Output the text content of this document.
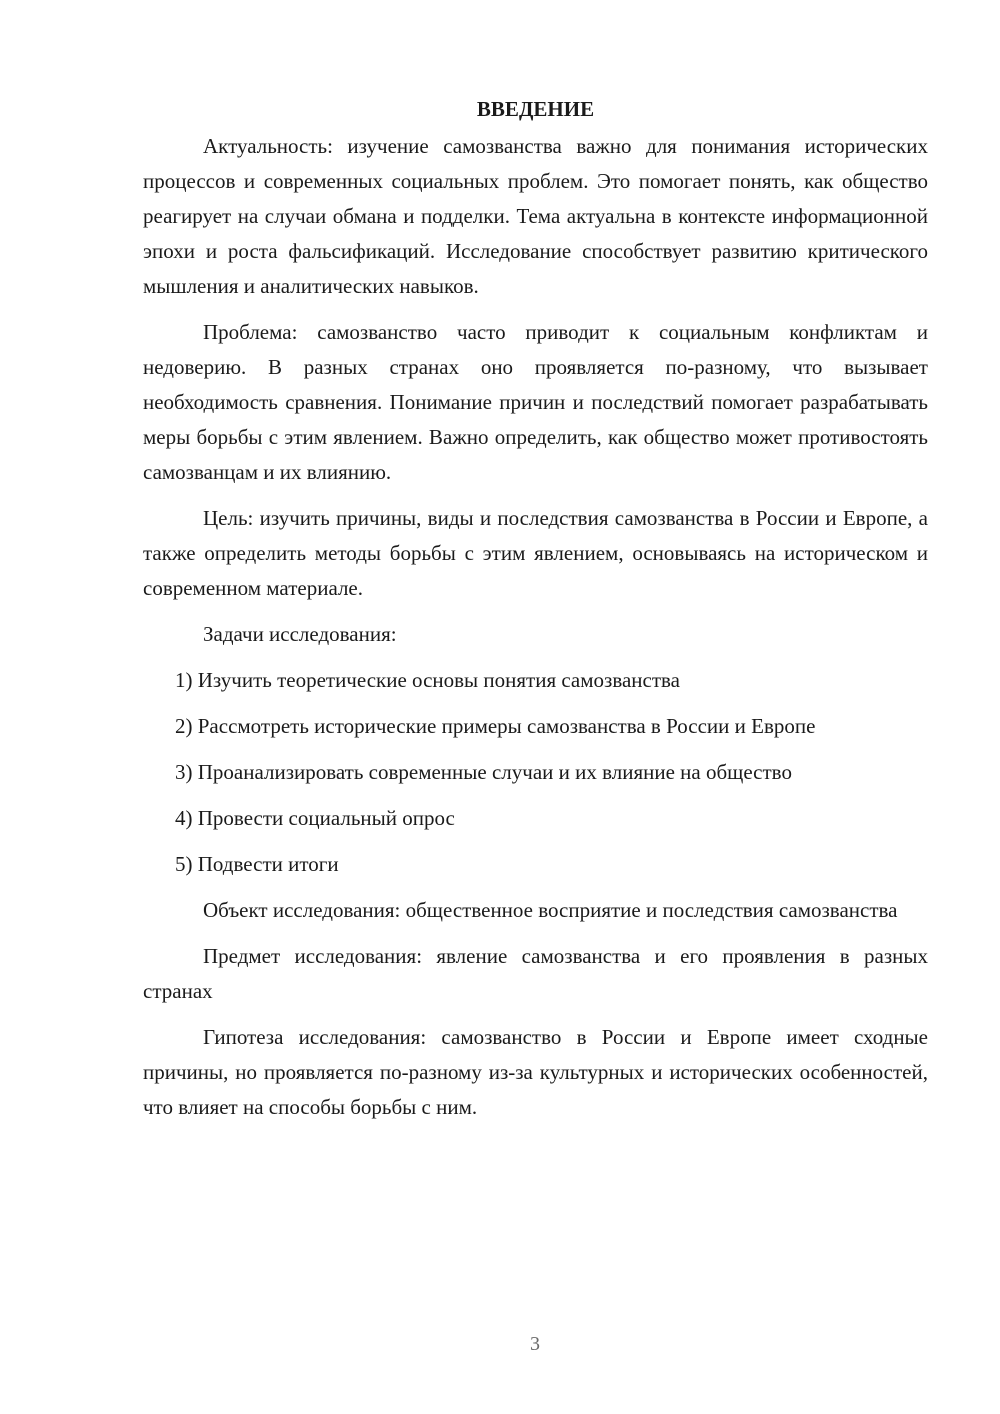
ВВЕДЕНИЕ

Актуальность: изучение самозванства важно для понимания исторических процессов и современных социальных проблем. Это помогает понять, как общество реагирует на случаи обмана и подделки. Тема актуальна в контексте информационной эпохи и роста фальсификаций. Исследование способствует развитию критического мышления и аналитических навыков.

Проблема: самозванство часто приводит к социальным конфликтам и недоверию. В разных странах оно проявляется по-разному, что вызывает необходимость сравнения. Понимание причин и последствий помогает разрабатывать меры борьбы с этим явлением. Важно определить, как общество может противостоять самозванцам и их влиянию.

Цель: изучить причины, виды и последствия самозванства в России и Европе, а также определить методы борьбы с этим явлением, основываясь на историческом и современном материале.

Задачи исследования:

1) Изучить теоретические основы понятия самозванства

2) Рассмотреть исторические примеры самозванства в России и Европе

3) Проанализировать современные случаи и их влияние на общество

4) Провести социальный опрос

5) Подвести итоги

Объект исследования: общественное восприятие и последствия самозванства

Предмет исследования: явление самозванства и его проявления в разных странах

Гипотеза исследования: самозванство в России и Европе имеет сходные причины, но проявляется по-разному из-за культурных и исторических особенностей, что влияет на способы борьбы с ним.

3
